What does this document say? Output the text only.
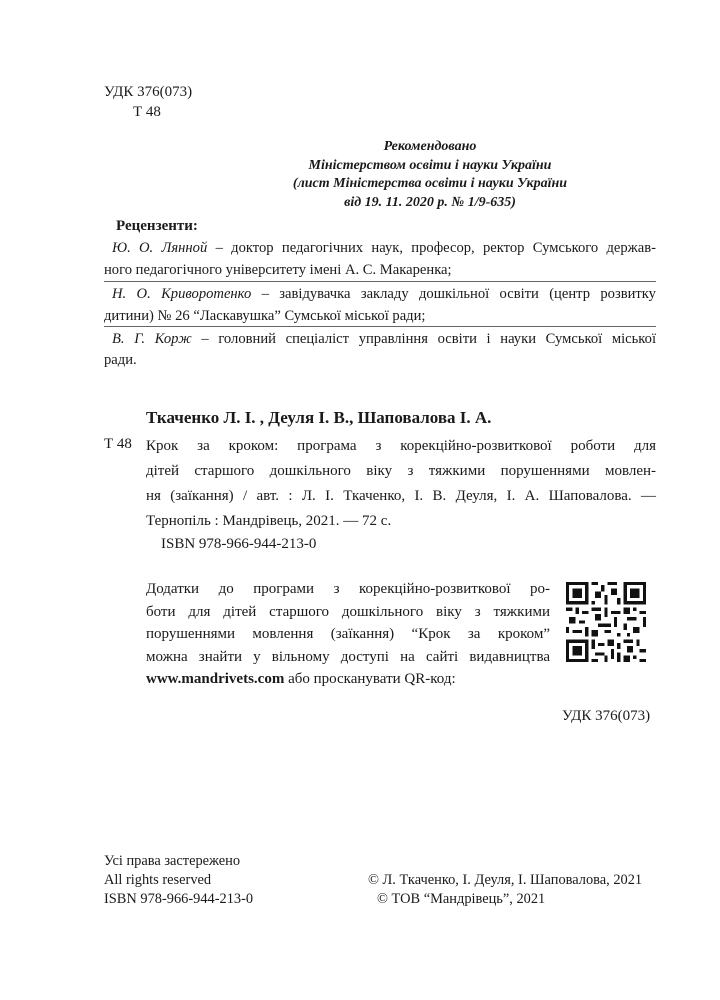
УДК 376(073)
Т 48
Рекомендовано
Міністерством освіти і науки України
(лист Міністерства освіти і науки України
від 19. 11. 2020 р. № 1/9-635)
Рецензенти:
Ю. О. Лянной – доктор педагогічних наук, професор, ректор Сумського держав-
ного педагогічного університету імені А. С. Макаренка;
Н. О. Криворотенко – завідувачка закладу дошкільної освіти (центр розвитку
дитини) № 26 “Ласкавушка” Сумської міської ради;
В. Г. Корж – головний спеціаліст управління освіти і науки Сумської міської
ради.
Ткаченко Л. І. , Деуля І. В., Шаповалова І. А.
Т 48 Крок за кроком: програма з корекційно-розвиткової роботи для
дітей старшого дошкільного віку з тяжкими порушеннями мовлен-
ня (заїкання) / авт. : Л. І. Ткаченко, І. В. Деуля, І. А. Шаповалова. —
Тернопіль : Мандрівець, 2021. — 72 с.
ISBN 978-966-944-213-0
Додатки до програми з корекційно-розвиткової ро-
боти для дітей старшого дошкільного віку з тяжкими
порушеннями мовлення (заїкання) “Крок за кроком”
можна знайти у вільному доступі на сайті видавництва
www.mandrivets.com або просканувати QR-код:
УДК 376(073)
Усі права застережено
All rights reserved
ISBN 978-966-944-213-0
© Л. Ткаченко, І. Деуля, І. Шаповалова, 2021
© ТОВ “Мандрівець”, 2021
